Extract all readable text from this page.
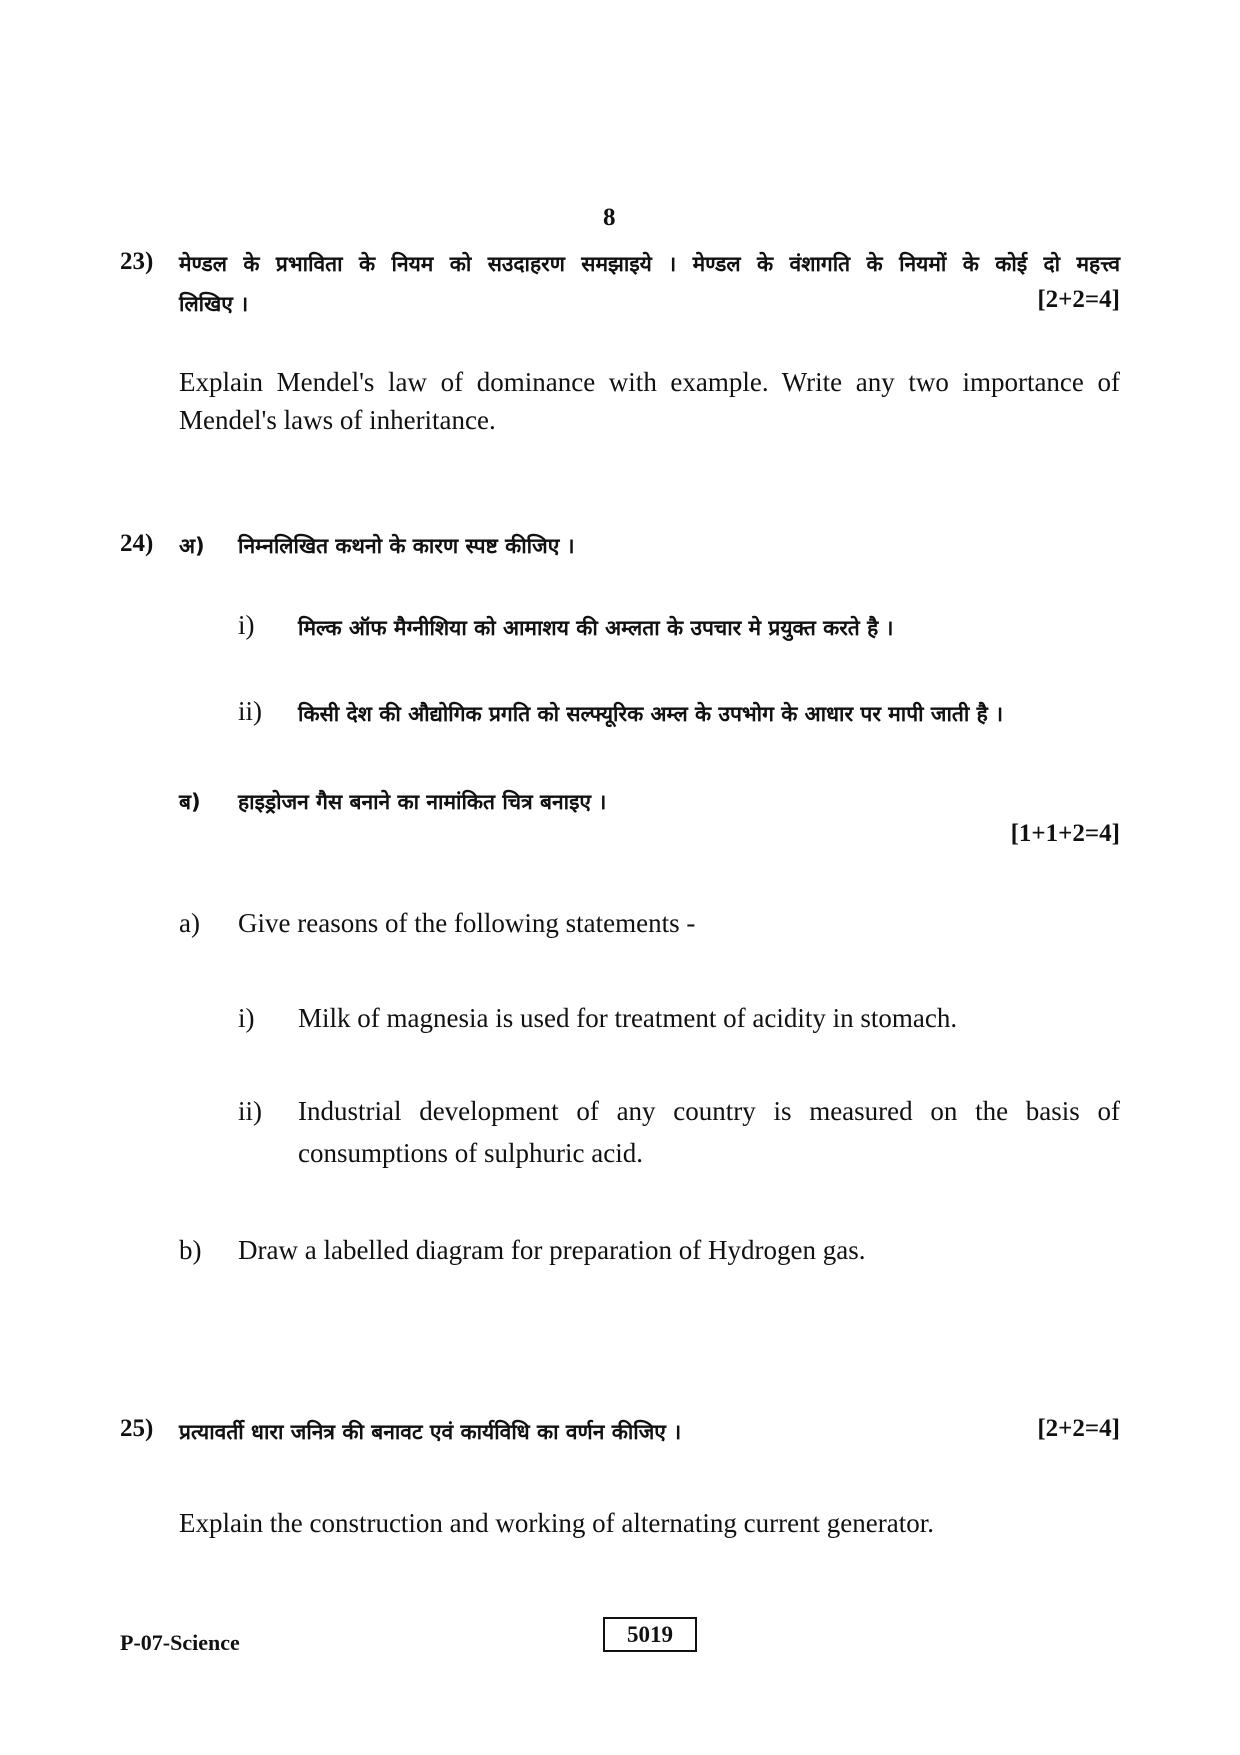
8
23) मेण्डल के प्रभाविता के नियम को सउदाहरण समझाइये । मेण्डल के वंशागति के नियमों के कोई दो महत्त्व
लिखिए ।	[2+2=4]
Explain Mendel's law of dominance with example. Write any two importance of
Mendel's laws of inheritance.
24) अ) निम्नलिखित कथनो के कारण स्पष्ट कीजिए ।
i) मिल्क ऑफ मैग्नीशिया को आमाशय की अम्लता के उपचार मे प्रयुक्त करते है ।
ii) किसी देश की औद्योगिक प्रगति को सल्फ्यूरिक अम्ल के उपभोग के आधार पर मापी जाती है ।
ब) हाइड्रोजन गैस बनाने का नामांकित चित्र बनाइए ।
[1+1+2=4]
a) Give reasons of the following statements -
i) Milk of magnesia is used for treatment of acidity in stomach.
ii) Industrial development of any country is measured on the basis of
consumptions of sulphuric acid.
b) Draw a labelled diagram for preparation of Hydrogen gas.
25) प्रत्यावर्ती धारा जनित्र की बनावट एवं कार्यविधि का वर्णन कीजिए ।	[2+2=4]
Explain the construction and working of alternating current generator.
P-07-Science	5019
